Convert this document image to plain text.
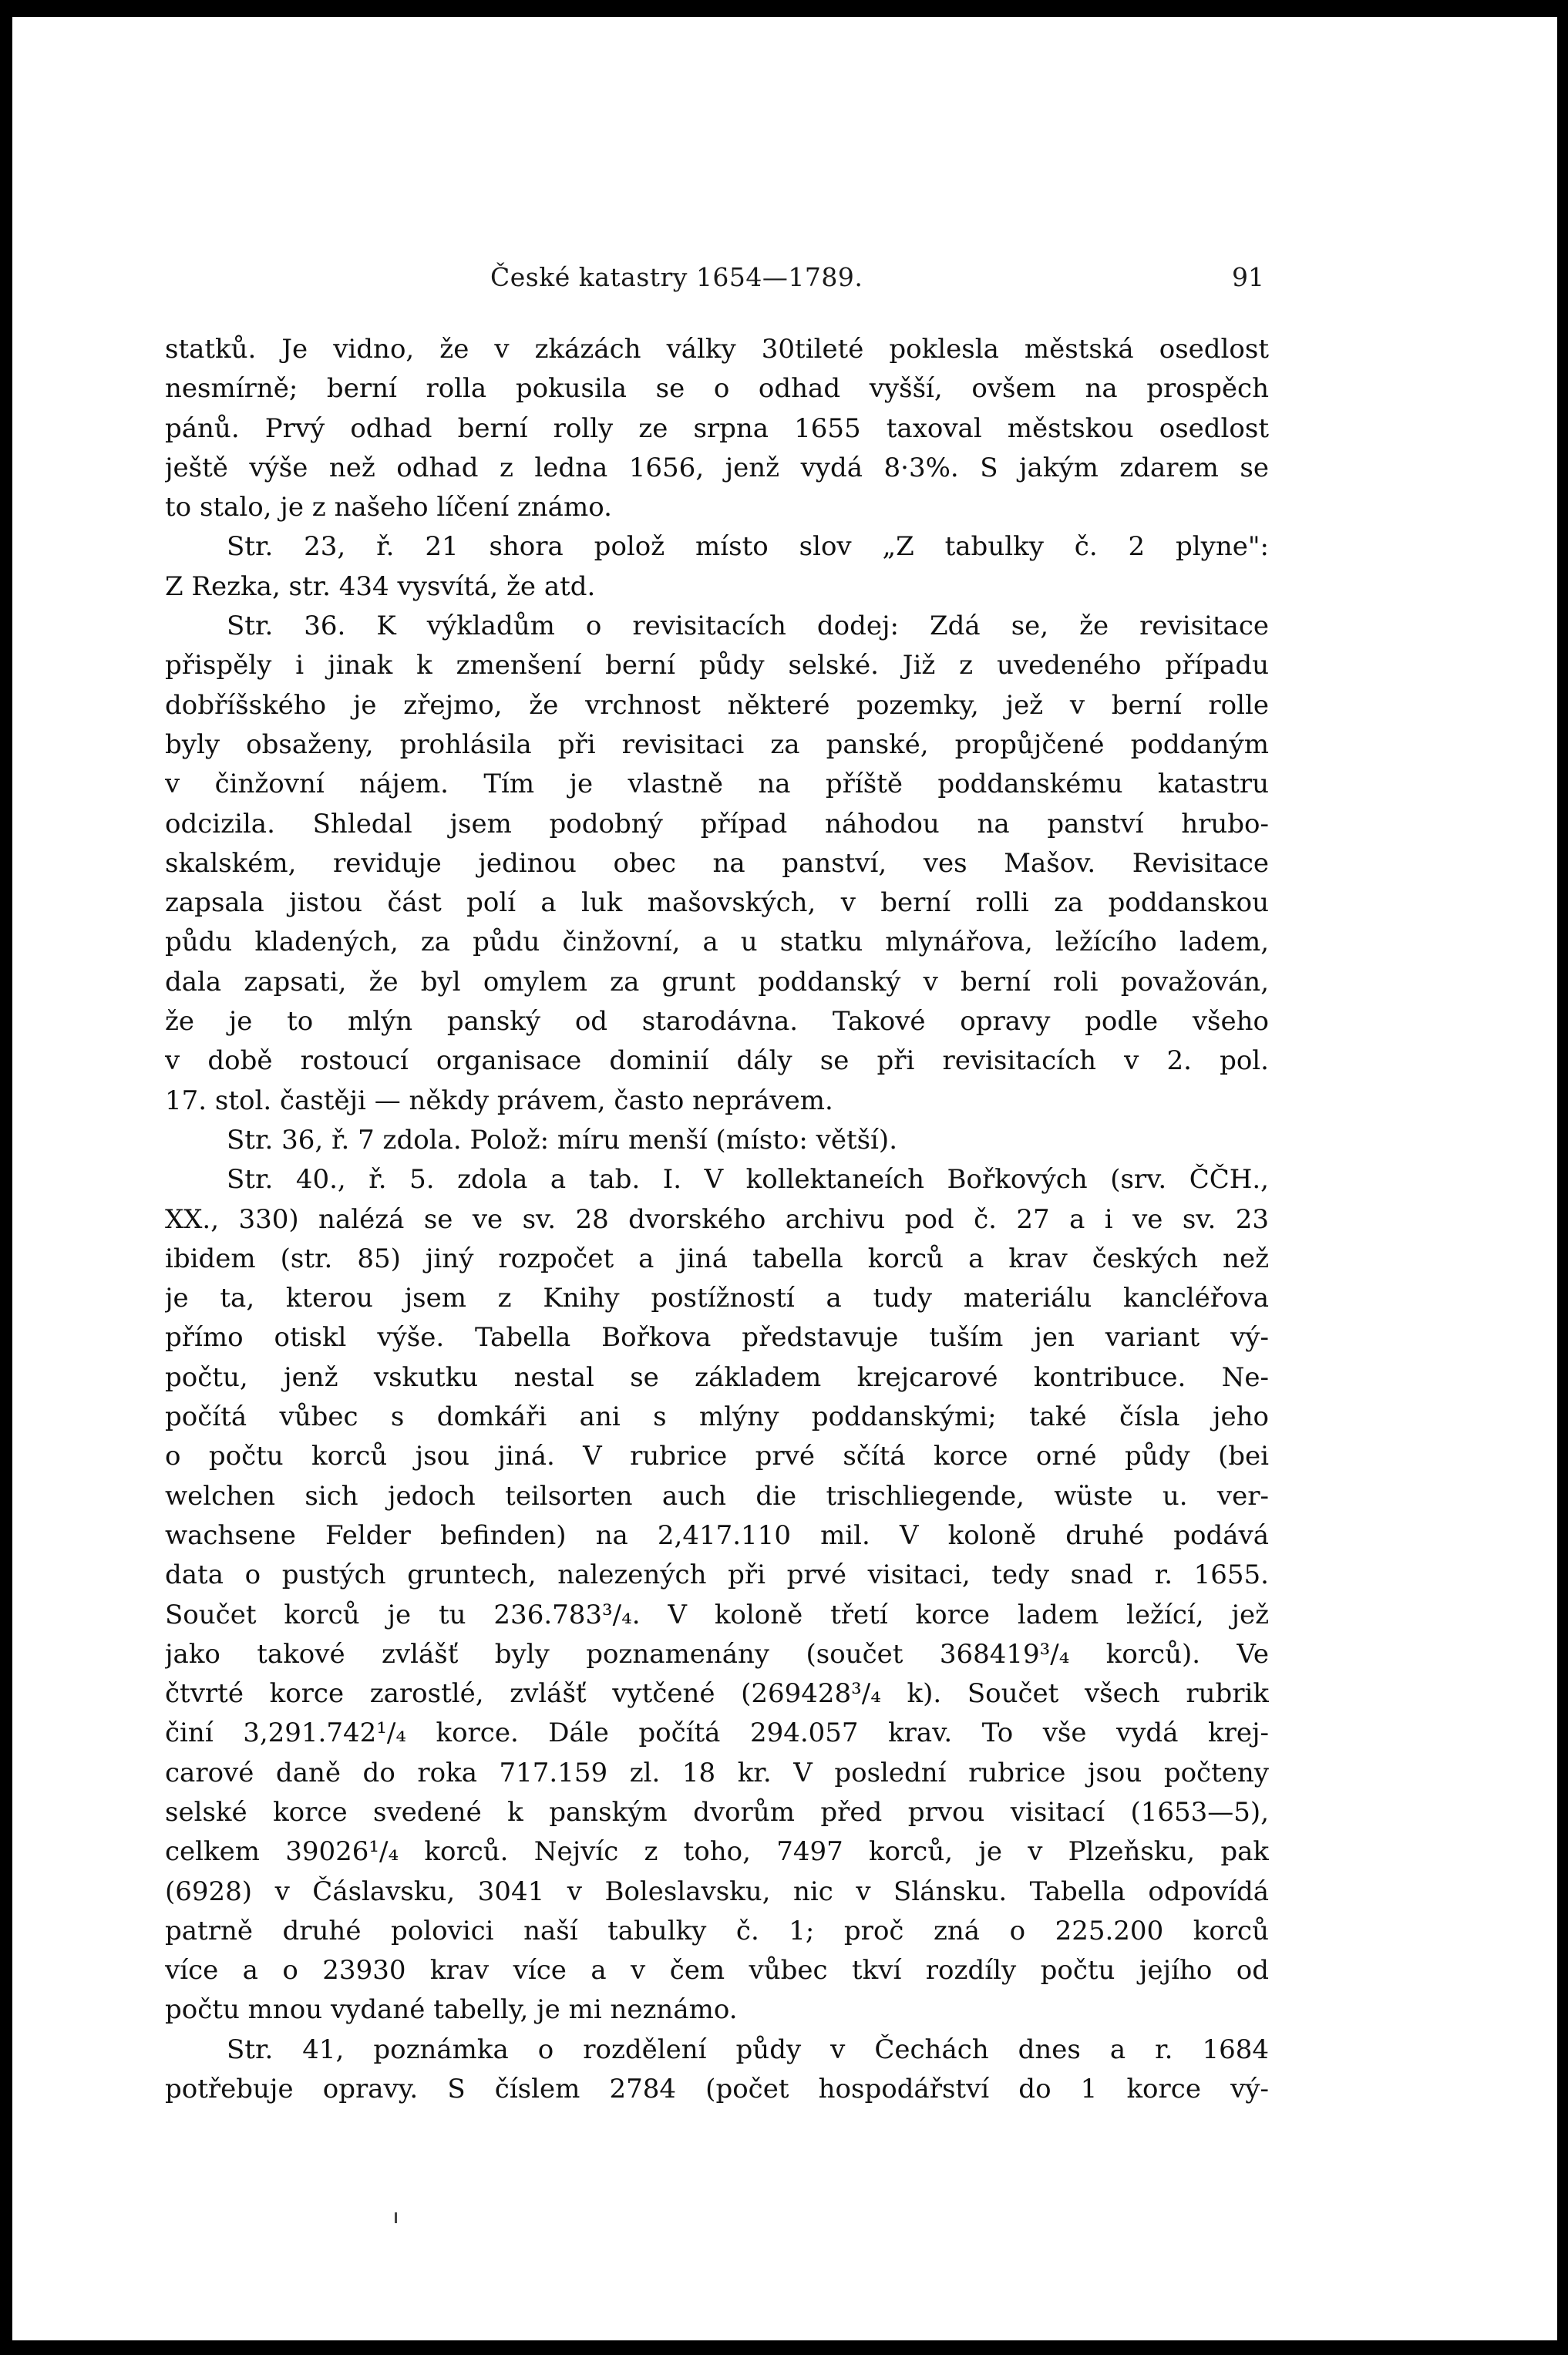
České katastry 1654—1789.	91
statků. Je vidno, že v zkázách války 30tileté poklesla městská osedlost
nesmírně; berní rolla pokusila se o odhad vyšší, ovšem na prospěch
pánů. Prvý odhad berní rolly ze srpna 1655 taxoval městskou osedlost
ještě výše než odhad z ledna 1656, jenž vydá 8·3%. S jakým zdarem se
to stalo, je z našeho líčení známo.
Str. 23, ř. 21 shora polož místo slov „Z tabulky č. 2 plyne":
Z Rezka, str. 434 vysvítá, že atd.
Str. 36. K výkladům o revisitacích dodej: Zdá se, že revisitace
přispěly i jinak k zmenšení berní půdy selské. Již z uvedeného případu
dobříšského je zřejmo, že vrchnost některé pozemky, jež v berní rolle
byly obsaženy, prohlásila při revisitaci za panské, propůjčené poddaným
v činžovní nájem. Tím je vlastně na příště poddanskému katastru
odcizila. Shledal jsem podobný případ náhodou na panství hrubo-
skalském, reviduje jedinou obec na panství, ves Mašov. Revisitace
zapsala jistou část polí a luk mašovských, v berní rolli za poddanskou
půdu kladených, za půdu činžovní, a u statku mlynářova, ležícího ladem,
dala zapsati, že byl omylem za grunt poddanský v berní roli považován,
že je to mlýn panský od starodávna. Takové opravy podle všeho
v době rostoucí organisace dominií dály se při revisitacích v 2. pol.
17. stol. častěji — někdy právem, často neprávem.
Str. 36, ř. 7 zdola. Polož: míru menší (místo: větší).
Str. 40., ř. 5. zdola a tab. I. V kollektaneích Bořkových (srv. ČČH.,
XX., 330) nalézá se ve sv. 28 dvorského archivu pod č. 27 a i ve sv. 23
ibidem (str. 85) jiný rozpočet a jiná tabella korců a krav českých než
je ta, kterou jsem z Knihy postížností a tudy materiálu kancléřova
přímo otiskl výše. Tabella Bořkova představuje tuším jen variant vý-
počtu, jenž vskutku nestal se základem krejcarové kontribuce. Ne-
počítá vůbec s domkáři ani s mlýny poddanskými; také čísla jeho
o počtu korců jsou jiná. V rubrice prvé sčítá korce orné půdy (bei
welchen sich jedoch teilsorten auch die trischliegende, wüste u. ver-
wachsene Felder befinden) na 2,417.110 mil. V koloně druhé podává
data o pustých gruntech, nalezených při prvé visitaci, tedy snad r. 1655.
Součet korců je tu 236.783³/₄. V koloně třetí korce ladem ležící, jež
jako takové zvlášť byly poznamenány (součet 368419³/₄ korců). Ve
čtvrté korce zarostlé, zvlášť vytčené (269428³/₄ k). Součet všech rubrik
činí 3,291.742¹/₄ korce. Dále počítá 294.057 krav. To vše vydá krej-
carové daně do roka 717.159 zl. 18 kr. V poslední rubrice jsou počteny
selské korce svedené k panským dvorům před prvou visitací (1653—5),
celkem 39026¹/₄ korců. Nejvíc z toho, 7497 korců, je v Plzeňsku, pak
(6928) v Čáslavsku, 3041 v Boleslavsku, nic v Slánsku. Tabella odpovídá
patrně druhé polovici naší tabulky č. 1; proč zná o 225.200 korců
více a o 23930 krav více a v čem vůbec tkví rozdíly počtu jejího od
počtu mnou vydané tabelly, je mi neznámo.
Str. 41, poznámka o rozdělení půdy v Čechách dnes a r. 1684
potřebuje opravy. S číslem 2784 (počet hospodářství do 1 korce vý-
